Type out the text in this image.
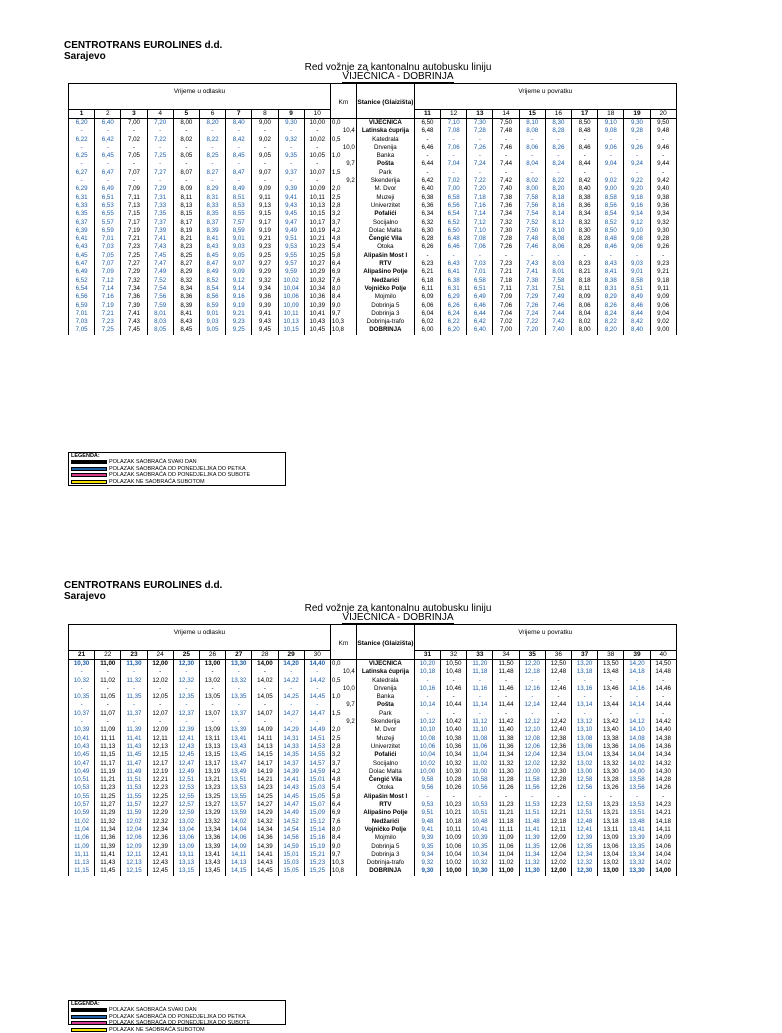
CENTROTRANS EUROLINES d.d.
Sarajevo
Red vožnje za kantonalnu autobusku liniju
VIJEĆNICA - DOBRINJA
Vrijeme u odlasku										Km	Stanice (Glaizišta)	Vrijeme u povratku									
1	2	3	4	5	6	7	8	9	10			11	12	13	14	15	16	17	18	19	20
6,20	6,40	7,00	7,20	8,00	8,20	8,40	9,00	9,30	10,00	0,0	VIJEĆNICA	6,50	7,10	7,30	7,50	8,10	8,30	8,50	9,10	9,30	9,50
-	-	-	-	-	-	-	-	-	-	10,4	Latinska ćuprija	6,48	7,08	7,28	7,48	8,08	8,28	8,48	9,08	9,28	9,48
6,22	6,42	7,02	7,22	8,02	8,22	8,42	9,02	9,32	10,02	0,5	Katedrala	-	-	-	-	-	-	-	-	-	-
-	-	-	-	-	-	-	-	-	-	10,0	Drvenija	6,46	7,06	7,26	7,46	8,06	8,26	8,46	9,06	9,26	9,46
6,25	6,45	7,05	7,25	8,05	8,25	8,45	9,05	9,35	10,05	1,0	Banka	-	-	-	-	-	-	-	-	-	-
-	-	-	-	-	-	-	-	-	-	9,7	Pošta	6,44	7,04	7,24	7,44	8,04	8,24	8,44	9,04	9,24	9,44
6,27	6,47	7,07	7,27	8,07	8,27	8,47	9,07	9,37	10,07	1,5	Park	-	-	-	-	-	-	-	-	-	-
-	-	-	-	-	-	-	-	-	-	9,2	Skenderija	6,42	7,02	7,22	7,42	8,02	8,22	8,42	9,02	9,22	9,42
6,29	6,49	7,09	7,29	8,09	8,29	8,49	9,09	9,39	10,09	2,0	M. Dvor	6,40	7,00	7,20	7,40	8,00	8,20	8,40	9,00	9,20	9,40
6,31	6,51	7,11	7,31	8,11	8,31	8,51	9,11	9,41	10,11	2,5	Muzeji	6,38	6,58	7,18	7,38	7,58	8,18	8,38	8,58	9,18	9,38
6,33	6,53	7,13	7,33	8,13	8,33	8,53	9,13	9,43	10,13	2,8	Univerzitet	6,36	6,56	7,16	7,36	7,56	8,16	8,36	8,56	9,16	9,36
6,35	6,55	7,15	7,35	8,15	8,35	8,55	9,15	9,45	10,15	3,2	Pofalići	6,34	6,54	7,14	7,34	7,54	8,14	8,34	8,54	9,14	9,34
6,37	5,57	7,17	7,37	8,17	8,37	7,57	9,17	9,47	10,17	3,7	Socijalno	6,32	6,52	7,12	7,32	7,52	8,12	8,32	8,52	9,12	9,32
6,39	6,59	7,19	7,39	8,19	8,39	8,59	9,19	9,49	10,19	4,2	Dolac Malta	6,30	6,50	7,10	7,30	7,50	8,10	8,30	8,50	9,10	9,30
6,41	7,01	7,21	7,41	8,21	8,41	9,01	9,21	9,51	10,21	4,8	Čengić Vila	6,28	6,48	7,08	7,28	7,48	8,08	8,28	8,48	9,08	9,28
6,43	7,03	7,23	7,43	8,23	8,43	9,03	9,23	9,53	10,23	5,4	Otoka	6,26	6,46	7,06	7,26	7,46	8,06	8,26	8,46	9,06	9,26
6,45	7,05	7,25	7,45	8,25	8,45	9,05	9,25	9,55	10,25	5,8	Alipašin Most I	-	-	-	-	-	-	-	-	-	-
6,47	7,07	7,27	7,47	8,27	8,47	9,07	9,27	9,57	10,27	6,4	RTV	6,23	6,43	7,03	7,23	7,43	8,03	8,23	8,43	9,03	9,23
6,49	7,09	7,29	7,49	8,29	8,49	9,09	9,29	9,59	10,29	6,9	Alipašino Polje	6,21	6,41	7,01	7,21	7,41	8,01	8,21	8,41	9,01	9,21
6,52	7,12	7,32	7,52	8,32	8,52	9,12	9,32	10,02	10,32	7,6	Nedžarići	6,18	6,38	6,58	7,18	7,38	7,58	8,18	8,38	8,58	9,18
6,54	7,14	7,34	7,54	8,34	8,54	9,14	9,34	10,04	10,34	8,0	Vojničko Polje	6,11	6,31	6,51	7,11	7,31	7,51	8,11	8,31	8,51	9,11
6,56	7,16	7,36	7,56	8,36	8,56	9,16	9,36	10,06	10,36	8,4	Mojmilo	6,09	6,29	6,49	7,09	7,29	7,49	8,09	8,29	8,49	9,09
6,59	7,19	7,39	7,59	8,39	8,59	9,19	9,39	10,09	10,39	9,0	Dobrinja 5	6,06	6,26	6,46	7,06	7,26	7,46	8,06	8,26	8,46	9,06
7,01	7,21	7,41	8,01	8,41	9,01	9,21	9,41	10,11	10,41	9,7	Dobrinja 3	6,04	6,24	6,44	7,04	7,24	7,44	8,04	8,24	8,44	9,04
7,03	7,23	7,43	8,03	8,43	9,03	9,23	9,43	10,13	10,43	10,3	Dobrinja-trafo	6,02	6,22	6,42	7,02	7,22	7,42	8,02	8,22	8,42	9,02
7,05	7,25	7,45	8,05	8,45	9,05	9,25	9,45	10,15	10,45	10,8	DOBRINJA	6,00	6,20	6,40	7,00	7,20	7,40	8,00	8,20	8,40	9,00
LEGENDA:
POLAZAK SAOBRAĆA SVAKI DAN
POLAZAK SAOBRAĆA OD PONEDJELJKA DO PETKA
POLAZAK SAOBRAĆA OD PONEDJELJKA DO SUBOTE
POLAZAK NE SAOBRAĆA SUBOTOM
CENTROTRANS EUROLINES d.d.
Sarajevo
Red vožnje za kantonalnu autobusku liniju
VIJEĆNICA - DOBRINJA
Vrijeme u odlasku										Km	Stanice (Glaizišta)	Vrijeme u povratku									
21	22	23	24	25	26	27	28	29	30			31	32	33	34	35	36	37	38	39	40
10,30	11,00	11,30	12,00	12,30	13,00	13,30	14,00	14,20	14,40	0,0	VIJEĆNICA	10,20	10,50	11,20	11,50	12,20	12,50	13,20	13,50	14,20	14,50
-	-	-	-	-	-	-	-	-	-	10,4	Latinska ćuprija	10,18	10,48	11,18	11,48	12,18	12,48	13,18	13,48	14,18	14,48
10,32	11,02	11,32	12,02	12,32	13,02	13,32	14,02	14,22	14,42	0,5	Katedrala	-	-	-	-	-	-	-	-	-	-
-	-	-	-	-	-	-	-	-	-	10,0	Drvenija	10,16	10,46	11,16	11,46	12,16	12,46	13,16	13,46	14,16	14,46
10,35	11,05	11,35	12,05	12,35	13,05	13,35	14,05	14,25	14,45	1,0	Banka	-	-	-	-	-	-	-	-	-	-
-	-	-	-	-	-	-	-	-	-	9,7	Pošta	10,14	10,44	11,14	11,44	12,14	12,44	13,14	13,44	14,14	14,44
10,37	11,07	11,37	12,07	12,37	13,07	13,37	14,07	14,27	14,47	1,5	Park	-	-	-	-	-	-	-	-	-	-
-	-	-	-	-	-	-	-	-	-	9,2	Skenderija	10,12	10,42	11,12	11,42	12,12	12,42	13,12	13,42	14,12	14,42
10,39	11,09	11,39	12,09	12,39	13,09	13,39	14,09	14,29	14,49	2,0	M. Dvor	10,10	10,40	11,10	11,40	12,10	12,40	13,10	13,40	14,10	14,40
10,41	11,11	11,41	12,11	12,41	13,11	13,41	14,11	14,31	14,51	2,5	Muzeji	10,08	10,38	11,08	11,38	12,08	12,38	13,08	13,38	14,08	14,38
10,43	11,13	11,43	12,13	12,43	13,13	13,43	14,13	14,33	14,53	2,8	Univerzitet	10,06	10,36	11,06	11,36	12,06	12,36	13,06	13,36	14,06	14,36
10,45	11,15	11,45	12,15	12,45	13,15	13,45	14,15	14,35	14,55	3,2	Pofalići	10,04	10,34	11,04	11,34	12,04	12,34	13,04	13,34	14,04	14,34
10,47	11,17	11,47	12,17	12,47	13,17	13,47	14,17	14,37	14,57	3,7	Socijalno	10,02	10,32	11,02	11,32	12,02	12,32	13,02	13,32	14,02	14,32
10,49	11,19	11,49	12,19	12,49	13,19	13,49	14,19	14,39	14,59	4,2	Dolac Malta	10,00	10,30	11,00	11,30	12,00	12,30	13,00	13,30	14,00	14,30
10,51	11,21	11,51	12,21	12,51	13,21	13,51	14,21	14,41	15,01	4,8	Čengić Vila	9,58	10,28	10,58	11,28	11,58	12,28	12,58	13,28	13,58	14,28
10,53	11,23	11,53	12,23	12,53	13,23	13,53	14,23	14,43	15,03	5,4	Otoka	9,56	10,26	10,56	11,26	11,56	12,26	12,56	13,26	13,56	14,26
10,55	11,25	11,55	12,25	12,55	13,25	13,55	14,25	14,45	15,05	5,8	Alipašin Most I	-	-	-	-	-	-	-	-	-	-
10,57	11,27	11,57	12,27	12,57	13,27	13,57	14,27	14,47	15,07	6,4	RTV	9,53	10,23	10,53	11,23	11,53	12,23	12,53	13,23	13,53	14,23
10,59	11,29	11,59	12,29	12,59	13,29	13,59	14,29	14,49	15,09	6,9	Alipašino Polje	9,51	10,21	10,51	11,21	11,51	12,21	12,51	13,21	13,51	14,21
11,02	11,32	12,02	12,32	13,02	13,32	14,02	14,32	14,52	15,12	7,6	Nedžarići	9,48	10,18	10,48	11,18	11,48	12,18	12,48	13,18	13,48	14,18
11,04	11,34	12,04	12,34	13,04	13,34	14,04	14,34	14,54	15,14	8,0	Vojničko Polje	9,41	10,11	10,41	11,11	11,41	12,11	12,41	13,11	13,41	14,11
11,06	11,36	12,06	12,36	13,06	13,36	14,06	14,36	14,56	15,16	8,4	Mojmilo	9,39	10,09	10,39	11,09	11,39	12,09	12,39	13,09	13,39	14,09
11,09	11,39	12,09	12,39	13,09	13,39	14,09	14,39	14,59	15,19	9,0	Dobrinja 5	9,35	10,06	10,35	11,06	11,35	12,06	12,35	13,06	13,35	14,06
11,11	11,41	12,11	12,41	13,11	13,41	14,11	14,41	15,01	15,21	9,7	Dobrinja 3	9,34	10,04	10,34	11,04	11,34	12,04	12,34	13,04	13,34	14,04
11,13	11,43	12,13	12,43	13,13	13,43	14,13	14,43	15,03	15,23	10,3	Dobrinja-trafo	9,32	10,02	10,32	11,02	11,32	12,02	12,32	13,02	13,32	14,02
11,15	11,45	12,15	12,45	13,15	13,45	14,15	14,45	15,05	15,25	10,8	DOBRINJA	9,30	10,00	10,30	11,00	11,30	12,00	12,30	13,00	13,30	14,00
LEGENDA:
POLAZAK SAOBRAĆA SVAKI DAN
POLAZAK SAOBRAĆA OD PONEDJELJKA DO PETKA
POLAZAK SAOBRAĆA OD PONEDJELJKA DO SUBOTE
POLAZAK NE SAOBRAĆA SUBOTOM
